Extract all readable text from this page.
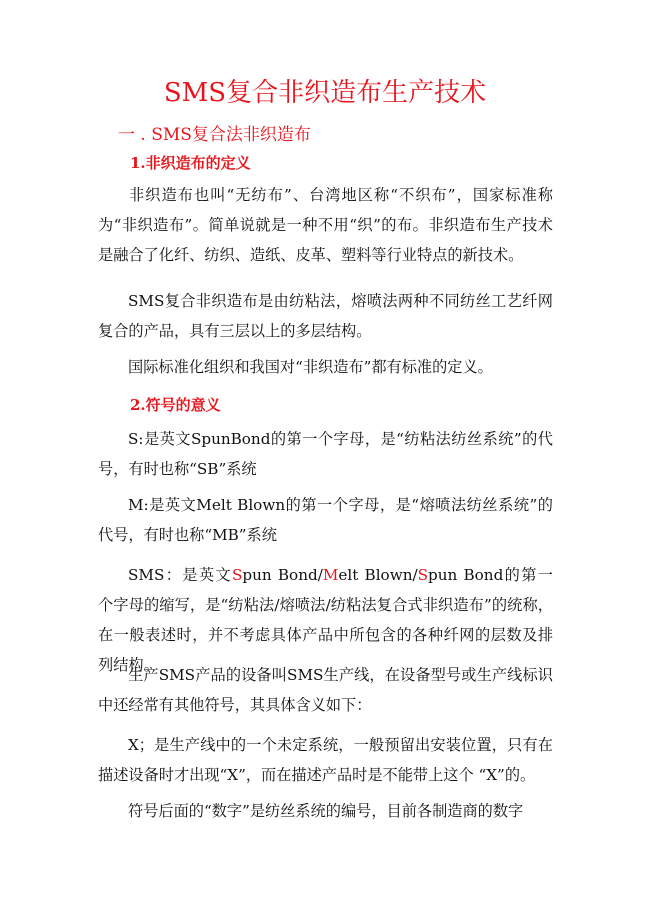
SMS复合非织造布生产技术
一 . SMS复合法非织造布
1.非织造布的定义

非织造布也叫“无纺布”、台湾地区称“不织布”，国家标准称为“非织造布”。简单说就是一种不用“织”的布。非织造布生产技术是融合了化纤、纺织、造纸、皮革、塑料等行业特点的新技术。

SMS复合非织造布是由纺粘法，熔喷法两种不同纺丝工艺纤网复合的产品，具有三层以上的多层结构。

国际标准化组织和我国对“非织造布”都有标准的定义。

2.符号的意义

S:是英文SpunBond的第一个字母，是“纺粘法纺丝系统”的代号，有时也称“SB”系统

M:是英文Melt Blown的第一个字母，是“熔喷法纺丝系统”的代号，有时也称“MB”系统

SMS：是英文Spun Bond/Melt Blown/Spun Bond的第一个字母的缩写，是“纺粘法/熔喷法/纺粘法复合式非织造布”的统称，在一般表述时，并不考虑具体产品中所包含的各种纤网的层数及排列结构。

生产SMS产品的设备叫SMS生产线，在设备型号或生产线标识中还经常有其他符号，其具体含义如下：

X；是生产线中的一个未定系统，一般预留出安装位置，只有在描述设备时才出现“X”，而在描述产品时是不能带上这个 “X”的。

符号后面的“数字”是纺丝系统的编号，目前各制造商的数字
